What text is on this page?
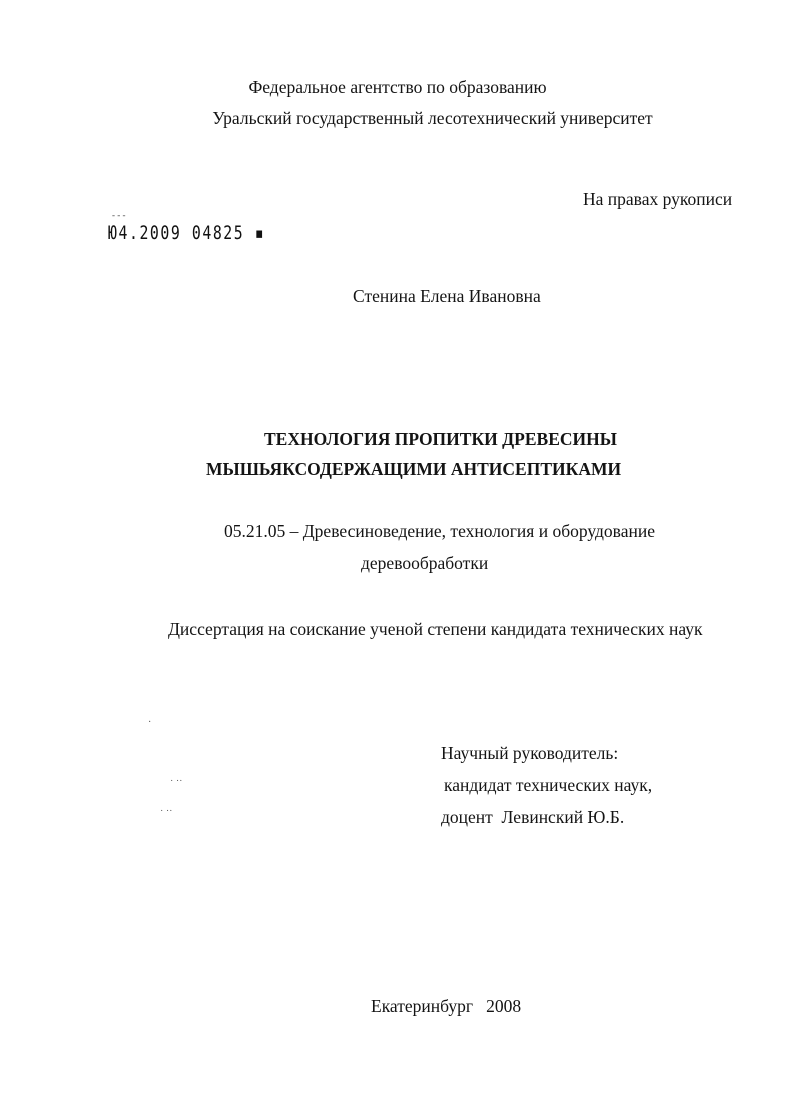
Федеральное агентство по образованию
Уральский государственный лесотехнический университет
На правах рукописи
- - -
Ю4.2009 04825 ▪
Стенина Елена Ивановна
ТЕХНОЛОГИЯ ПРОПИТКИ ДРЕВЕСИНЫ
МЫШЬЯКСОДЕРЖАЩИМИ АНТИСЕПТИКАМИ
05.21.05 – Древесиноведение, технология и оборудование
деревообработки
Диссертация на соискание ученой степени кандидата технических наук
·
˙ ˙˙
˙ ˙˙
Научный руководитель:
кандидат технических наук,
доцент  Левинский Ю.Б.
Екатеринбург   2008
